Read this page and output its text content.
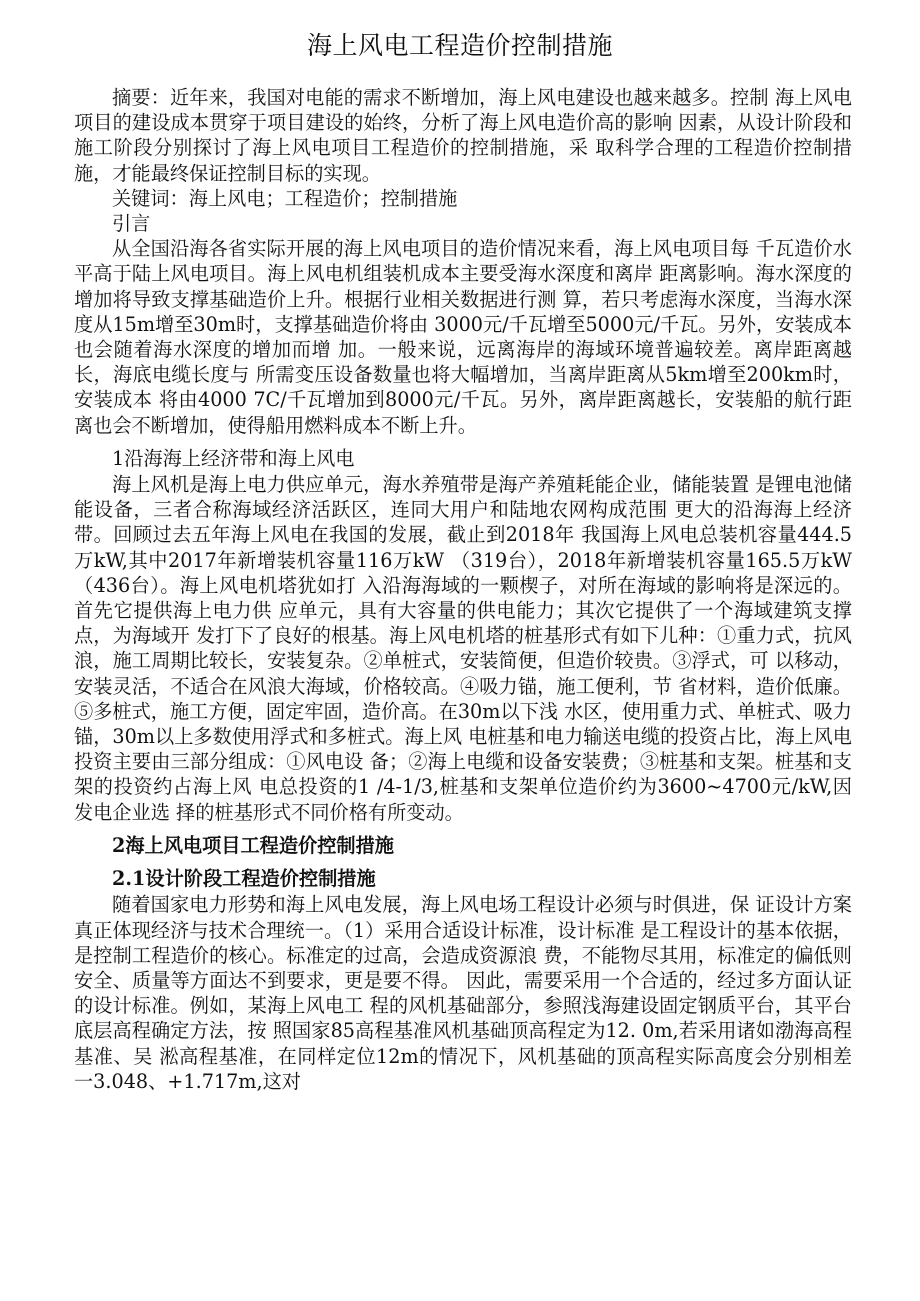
海上风电工程造价控制措施

摘要：近年来，我国对电能的需求不断增加，海上风电建设也越来越多。控制 海上风电项目的建设成本贯穿于项目建设的始终，分析了海上风电造价高的影响 因素，从设计阶段和施工阶段分别探讨了海上风电项目工程造价的控制措施，采 取科学合理的工程造价控制措施，才能最终保证控制目标的实现。

关键词：海上风电；工程造价；控制措施

引言

从全国沿海各省实际开展的海上风电项目的造价情况来看，海上风电项目每 千瓦造价水平高于陆上风电项目。海上风电机组装机成本主要受海水深度和离岸 距离影响。海水深度的增加将导致支撑基础造价上升。根据行业相关数据进行测 算，若只考虑海水深度，当海水深度从15m增至30m时，支撑基础造价将由 3000元/千瓦增至5000元/千瓦。另外，安装成本也会随着海水深度的增加而增 加。一般来说，远离海岸的海域环境普遍较差。离岸距离越长，海底电缆长度与 所需变压设备数量也将大幅增加，当离岸距离从5km增至200km时，安装成本 将由4000 7C/千瓦增加到8000元/千瓦。另外，离岸距离越长，安装船的航行距 离也会不断增加，使得船用燃料成本不断上升。

1沿海海上经济带和海上风电

海上风机是海上电力供应单元，海水养殖带是海产养殖耗能企业，储能装置 是锂电池储能设备，三者合称海域经济活跃区，连同大用户和陆地农网构成范围 更大的沿海海上经济带。回顾过去五年海上风电在我国的发展，截止到2018年 我国海上风电总装机容量444.5万kW,其中2017年新增装机容量116万kW （319台），2018年新增装机容量165.5万kW（436台）。海上风电机塔犹如打 入沿海海域的一颗楔子，对所在海域的影响将是深远的。首先它提供海上电力供 应单元，具有大容量的供电能力；其次它提供了一个海域建筑支撑点，为海域开 发打下了良好的根基。海上风电机塔的桩基形式有如下儿种：①重力式，抗风浪，施工周期比较长，安装复杂。②单桩式，安装简便，但造价较贵。③浮式，可 以移动，安装灵活，不适合在风浪大海域，价格较高。④吸力锚，施工便利，节 省材料，造价低廉。⑤多桩式，施工方便，固定牢固，造价高。在30m以下浅 水区，使用重力式、单桩式、吸力锚，30m以上多数使用浮式和多桩式。海上风 电桩基和电力输送电缆的投资占比，海上风电投资主要由三部分组成：①风电设 备；②海上电缆和设备安装费；③桩基和支架。桩基和支架的投资约占海上风 电总投资的1 /4-1/3,桩基和支架单位造价约为3600~4700元/kW,因发电企业选 择的桩基形式不同价格有所变动。

2海上风电项目工程造价控制措施

2.1设计阶段工程造价控制措施

随着国家电力形势和海上风电发展，海上风电场工程设计必须与时俱进，保 证设计方案真正体现经济与技术合理统一。（1）采用合适设计标准，设计标准 是工程设计的基本依据，是控制工程造价的核心。标准定的过高，会造成资源浪 费，不能物尽其用，标准定的偏低则安全、质量等方面达不到要求，更是要不得。 因此，需要采用一个合适的，经过多方面认证的设计标准。例如，某海上风电工 程的风机基础部分，参照浅海建设固定钢质平台，其平台底层高程确定方法，按 照国家85高程基准风机基础顶高程定为12. 0m,若采用诸如渤海高程基准、吴 淞高程基准，在同样定位12m的情况下，风机基础的顶高程实际高度会分别相差 一3.048、+1.717m,这对
